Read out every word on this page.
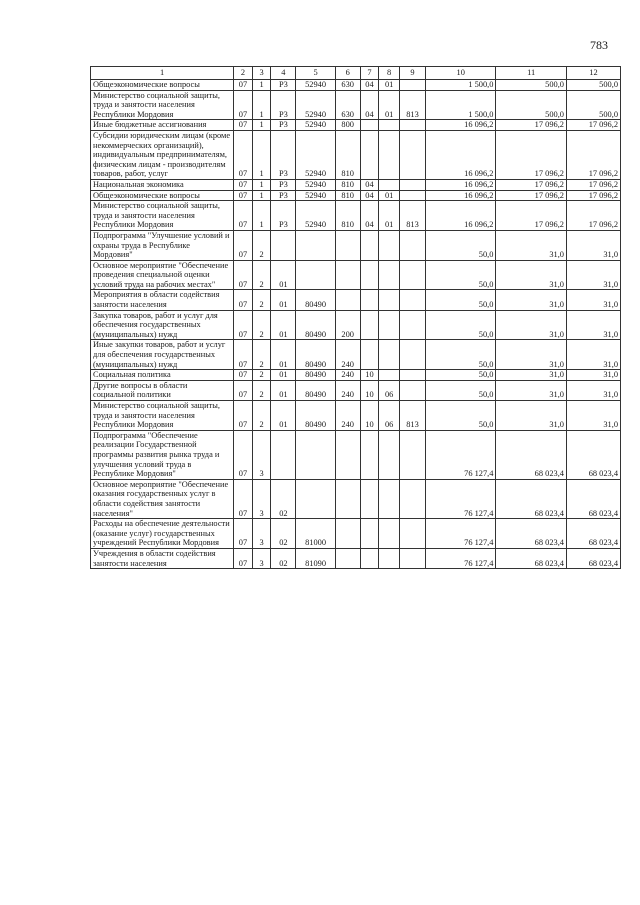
783
1	2	3	4	5	6	7	8	9	10	11	12
Общеэкономические вопросы	07	1	Р3	52940	630	04	01		1 500,0	500,0	500,0
Министерство социальной защиты, труда и занятости населения Республики Мордовия	07	1	Р3	52940	630	04	01	813	1 500,0	500,0	500,0
Иные бюджетные ассигнования	07	1	Р3	52940	800				16 096,2	17 096,2	17 096,2
Субсидии юридическим лицам (кроме некоммерческих организаций), индивидуальным предпринимателям, физическим лицам - производителям товаров, работ, услуг	07	1	Р3	52940	810				16 096,2	17 096,2	17 096,2
Национальная экономика	07	1	Р3	52940	810	04			16 096,2	17 096,2	17 096,2
Общеэкономические вопросы	07	1	Р3	52940	810	04	01		16 096,2	17 096,2	17 096,2
Министерство социальной защиты, труда и занятости населения Республики Мордовия	07	1	Р3	52940	810	04	01	813	16 096,2	17 096,2	17 096,2
Подпрограмма "Улучшение условий и охраны труда в Республике Мордовия"	07	2							50,0	31,0	31,0
Основное мероприятие "Обеспечение проведения специальной оценки условий труда на рабочих местах"	07	2	01						50,0	31,0	31,0
Мероприятия в области содействия занятости населения	07	2	01	80490					50,0	31,0	31,0
Закупка товаров, работ и услуг для обеспечения государственных (муниципальных) нужд	07	2	01	80490	200				50,0	31,0	31,0
Иные закупки товаров, работ и услуг для обеспечения государственных (муниципальных) нужд	07	2	01	80490	240				50,0	31,0	31,0
Социальная политика	07	2	01	80490	240	10			50,0	31,0	31,0
Другие вопросы в области социальной политики	07	2	01	80490	240	10	06		50,0	31,0	31,0
Министерство социальной защиты, труда и занятости населения Республики Мордовия	07	2	01	80490	240	10	06	813	50,0	31,0	31,0
Подпрограмма "Обеспечение реализации Государственной программы развития рынка труда и улучшения условий труда в Республике Мордовия"	07	3							76 127,4	68 023,4	68 023,4
Основное мероприятие "Обеспечение оказания государственных услуг в области содействия занятости населения"	07	3	02						76 127,4	68 023,4	68 023,4
Расходы на обеспечение деятельности (оказание услуг) государственных учреждений Республики Мордовия	07	3	02	81000					76 127,4	68 023,4	68 023,4
Учреждения в области содействия занятости населения	07	3	02	81090					76 127,4	68 023,4	68 023,4
